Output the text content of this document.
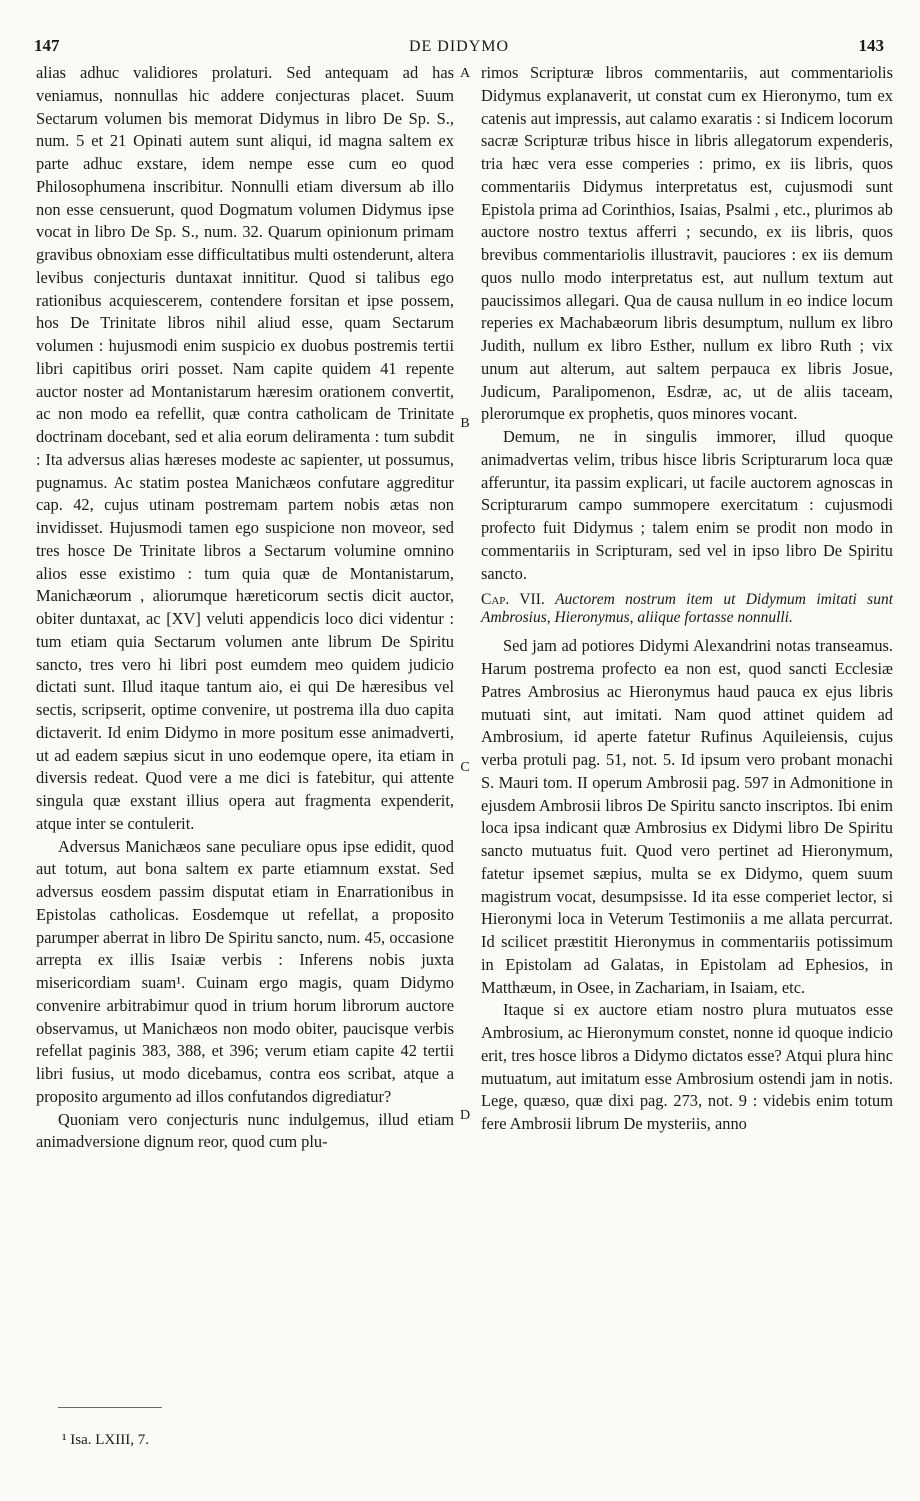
147	DE DIDYMO	143

alias adhuc validiores prolaturi. Sed antequam ad has veniamus, nonnullas hic addere conjecturas placet. Suum Sectarum volumen bis memorat Didymus in libro De Sp. S., num. 5 et 21 Opinati autem sunt aliqui, id magna saltem ex parte adhuc exstare, idem nempe esse cum eo quod Philosophumena inscribitur. Nonnulli etiam diversum ab illo non esse censuerunt, quod Dogmatum volumen Didymus ipse vocat in libro De Sp. S., num. 32. Quarum opinionum primam gravibus obnoxiam esse difficultatibus multi ostenderunt, altera levibus conjecturis duntaxat innititur. Quod si talibus ego rationibus acquiescerem, contenderе forsitan et ipse possem, hos De Trinitate libros nihil aliud esse, quam Sectarum volumen : hujusmodi enim suspicio ex duobus postremis tertii libri capitibus oriri posset. Nam capite quidem 41 repente auctor noster ad Montanistarum hæresim orationem convertit, ac non modo ea refellit, quæ contra catholicam de Trinitate doctrinam docebant, sed et alia eorum deliramenta : tum subdit : Ita adversus alias hæreses modeste ac sapienter, ut possumus, pugnamus. Ac statim postea Manichæos confutare aggreditur cap. 42, cujus utinam postremam partem nobis ætas non invidisset. Hujusmodi tamen ego suspicione non moveor, sed tres hosce De Trinitate libros a Sectarum volumine omnino alios esse existimo : tum quia quæ de Montanistarum, Manichæorum , aliorumque hæreticorum sectis dicit auctor, obiter duntaxat, ac [XV] veluti appendicis loco dici videntur : tum etiam quia Sectarum volumen ante librum De Spiritu sancto, tres vero hi libri post eumdem meo quidem judicio dictati sunt. Illud itaque tantum aio, ei qui De hæresibus vel sectis, scripserit, optime convenire, ut postrema illa duo capita dictaverit. Id enim Didymo in more positum esse animadverti, ut ad eadem sæpius sicut in uno eodemque opere, ita etiam in diversis redeat. Quod vere a me dici is fatebitur, qui attente singula quæ exstant illius opera aut fragmenta expenderit, atque inter se contulerit.

Adversus Manichæos sane peculiare opus ipse edidit, quod aut totum, aut bona saltem ex parte etiamnum exstat. Sed adversus eosdem passim disputat etiam in Enarrationibus in Epistolas catholicas. Eosdemque ut refellat, a proposito parumper aberrat in libro De Spiritu sancto, num. 45, occasione arrepta ex illis Isaiæ verbis : Inferens nobis juxta misericordiam suam¹. Cuinam ergo magis, quam Didymo convenire arbitrabimur quod in trium horum librorum auctore observamus, ut Manichæos non modo obiter, paucisque verbis refellat paginis 383, 388, et 396; verum etiam capite 42 tertii libri fusius, ut modo dicebamus, contra eos scribat, atque a proposito argumento ad illos confutandos digrediatur?

Quoniam vero conjecturis nunc indulgemus, illud etiam animadversione dignum reor, quod cum plu-

A
B
C
D

rimos Scripturæ libros commentariis, aut commentariolis Didymus explanaverit, ut constat cum ex Hieronymo, tum ex catenis aut impressis, aut calamo exaratis : si Indicem locorum sacræ Scripturæ tribus hisce in libris allegatorum expenderis, tria hæc vera esse comperies : primo, ex iis libris, quos commentariis Didymus interpretatus est, cujusmodi sunt Epistola prima ad Corinthios, Isaias, Psalmi , etc., plurimos ab auctore nostro textus afferri ; secundo, ex iis libris, quos brevibus commentariolis illustravit, pauciores : ex iis demum quos nullo modo interpretatus est, aut nullum textum aut paucissimos allegari. Qua de causa nullum in eo indice locum reperies ex Machabæorum libris desumptum, nullum ex libro Judith, nullum ex libro Esther, nullum ex libro Ruth ; vix unum aut alterum, aut saltem perpauca ex libris Josue, Judicum, Paralipomenon, Esdræ, ac, ut de aliis taceam, plerorumque ex prophetis, quos minores vocant.

Demum, ne in singulis immorer, illud quoque animadvertas velim, tribus hisce libris Scripturarum loca quæ afferuntur, ita passim explicari, ut facile auctorem agnoscas in Scripturarum campo summopere exercitatum : cujusmodi profecto fuit Didymus ; talem enim se prodit non modo in commentariis in Scripturam, sed vel in ipso libro De Spiritu sancto.

Cap. VII. Auctorem nostrum item ut Didymum imitati sunt Ambrosius, Hieronymus, aliique fortasse nonnulli.

Sed jam ad potiores Didymi Alexandrini notas transeamus. Harum postrema profecto ea non est, quod sancti Ecclesiæ Patres Ambrosius ac Hieronymus haud pauca ex ejus libris mutuati sint, aut imitati. Nam quod attinet quidem ad Ambrosium, id aperte fatetur Rufinus Aquileiensis, cujus verba protuli pag. 51, not. 5. Id ipsum vero probant monachi S. Mauri tom. II operum Ambrosii pag. 597 in Admonitione in ejusdem Ambrosii libros De Spiritu sancto inscriptos. Ibi enim loca ipsa indicant quæ Ambrosius ex Didymi libro De Spiritu sancto mutuatus fuit. Quod vero pertinet ad Hieronymum, fatetur ipsemet sæpius, multa se ex Didymo, quem suum magistrum vocat, desumpsisse. Id ita esse comperiet lector, si Hieronymi loca in Veterum Testimoniis a me allata percurrat. Id scilicet præstitit Hieronymus in commentariis potissimum in Epistolam ad Galatas, in Epistolam ad Ephesios, in Matthæum, in Osee, in Zachariam, in Isaiam, etc.

Itaque si ex auctore etiam nostro plura mutuatos esse Ambrosium, ac Hieronymum constet, nonne id quoque indicio erit, tres hosce libros a Didymo dictatos esse? Atqui plura hinc mutuatum, aut imitatum esse Ambrosium ostendi jam in notis. Lege, quæso, quæ dixi pag. 273, not. 9 : videbis enim totum fere Ambrosii librum De mysteriis, anno

¹ Isa. LXIII, 7.
